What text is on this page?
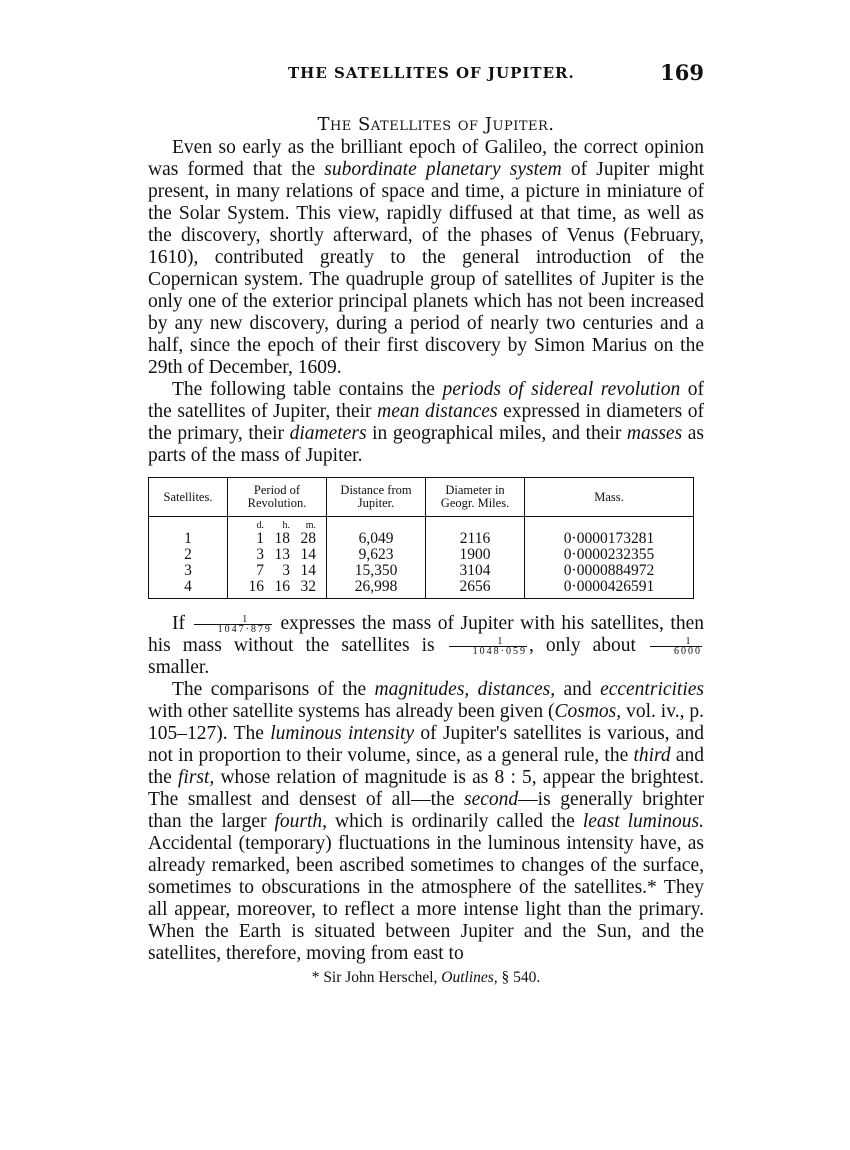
THE SATELLITES OF JUPITER.	169
The Satellites of Jupiter.

Even so early as the brilliant epoch of Galileo, the correct opinion was formed that the subordinate planetary system of Jupiter might present, in many relations of space and time, a picture in miniature of the Solar System. This view, rapidly diffused at that time, as well as the discovery, shortly afterward, of the phases of Venus (February, 1610), contributed greatly to the general introduction of the Copernican system. The quadruple group of satellites of Jupiter is the only one of the exterior principal planets which has not been increased by any new discovery, during a period of nearly two centuries and a half, since the epoch of their first discovery by Simon Marius on the 29th of December, 1609.

The following table contains the periods of sidereal revolution of the satellites of Jupiter, their mean distances expressed in diameters of the primary, their diameters in geographical miles, and their masses as parts of the mass of Jupiter.

Satellites.	Period of Revolution.	Distance from Jupiter.	Diameter in Geogr. Miles.	Mass.
	d. h. m.			
1	1 18 28	6,049	2116	0·0000173281
2	3 13 14	9,623	1900	0·0000232355
3	7 3 14	15,350	3104	0·0000884972
4	16 16 32	26,998	2656	0·0000426591

If $\frac{1}{1047\cdot 879}$ expresses the mass of Jupiter with his satellites, then his mass without the satellites is $\frac{1}{1048\cdot 059}$ , only about $\frac{1}{6000}$
smaller.

The comparisons of the magnitudes, distances, and eccentricities with other satellite systems has already been given (Cosmos, vol. iv., p. 105–127). The luminous intensity of Jupiter's satellites is various, and not in proportion to their volume, since, as a general rule, the third and the first, whose relation of magnitude is as 8 : 5, appear the brightest. The smallest and densest of all—the second—is generally brighter than the larger fourth, which is ordinarily called the least luminous. Accidental (temporary) fluctuations in the luminous intensity have, as already remarked, been ascribed sometimes to changes of the surface, sometimes to obscurations in the atmosphere of the satellites.* They all appear, moreover, to reflect a more intense light than the primary. When the Earth is situated between Jupiter and the Sun, and the satellites, therefore, moving from east to

* Sir John Herschel, Outlines, § 540.
